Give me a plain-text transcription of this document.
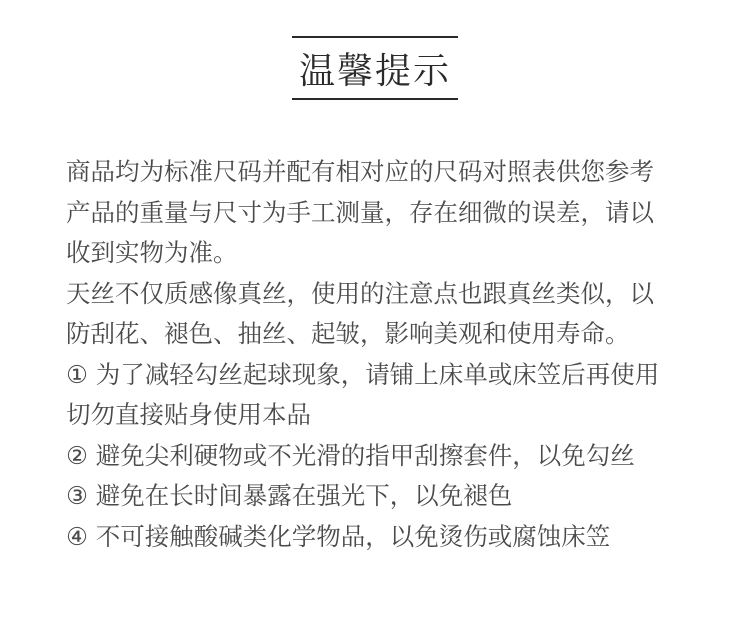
温馨提示
商品均为标准尺码并配有相对应的尺码对照表供您参考
产品的重量与尺寸为手工测量，存在细微的误差，请以
收到实物为准。
天丝不仅质感像真丝，使用的注意点也跟真丝类似，以
防刮花、褪色、抽丝、起皱，影响美观和使用寿命。
① 为了减轻勾丝起球现象，请铺上床单或床笠后再使用
切勿直接贴身使用本品
② 避免尖利硬物或不光滑的指甲刮擦套件，以免勾丝
③ 避免在长时间暴露在强光下，以免褪色
④ 不可接触酸碱类化学物品，以免烫伤或腐蚀床笠
